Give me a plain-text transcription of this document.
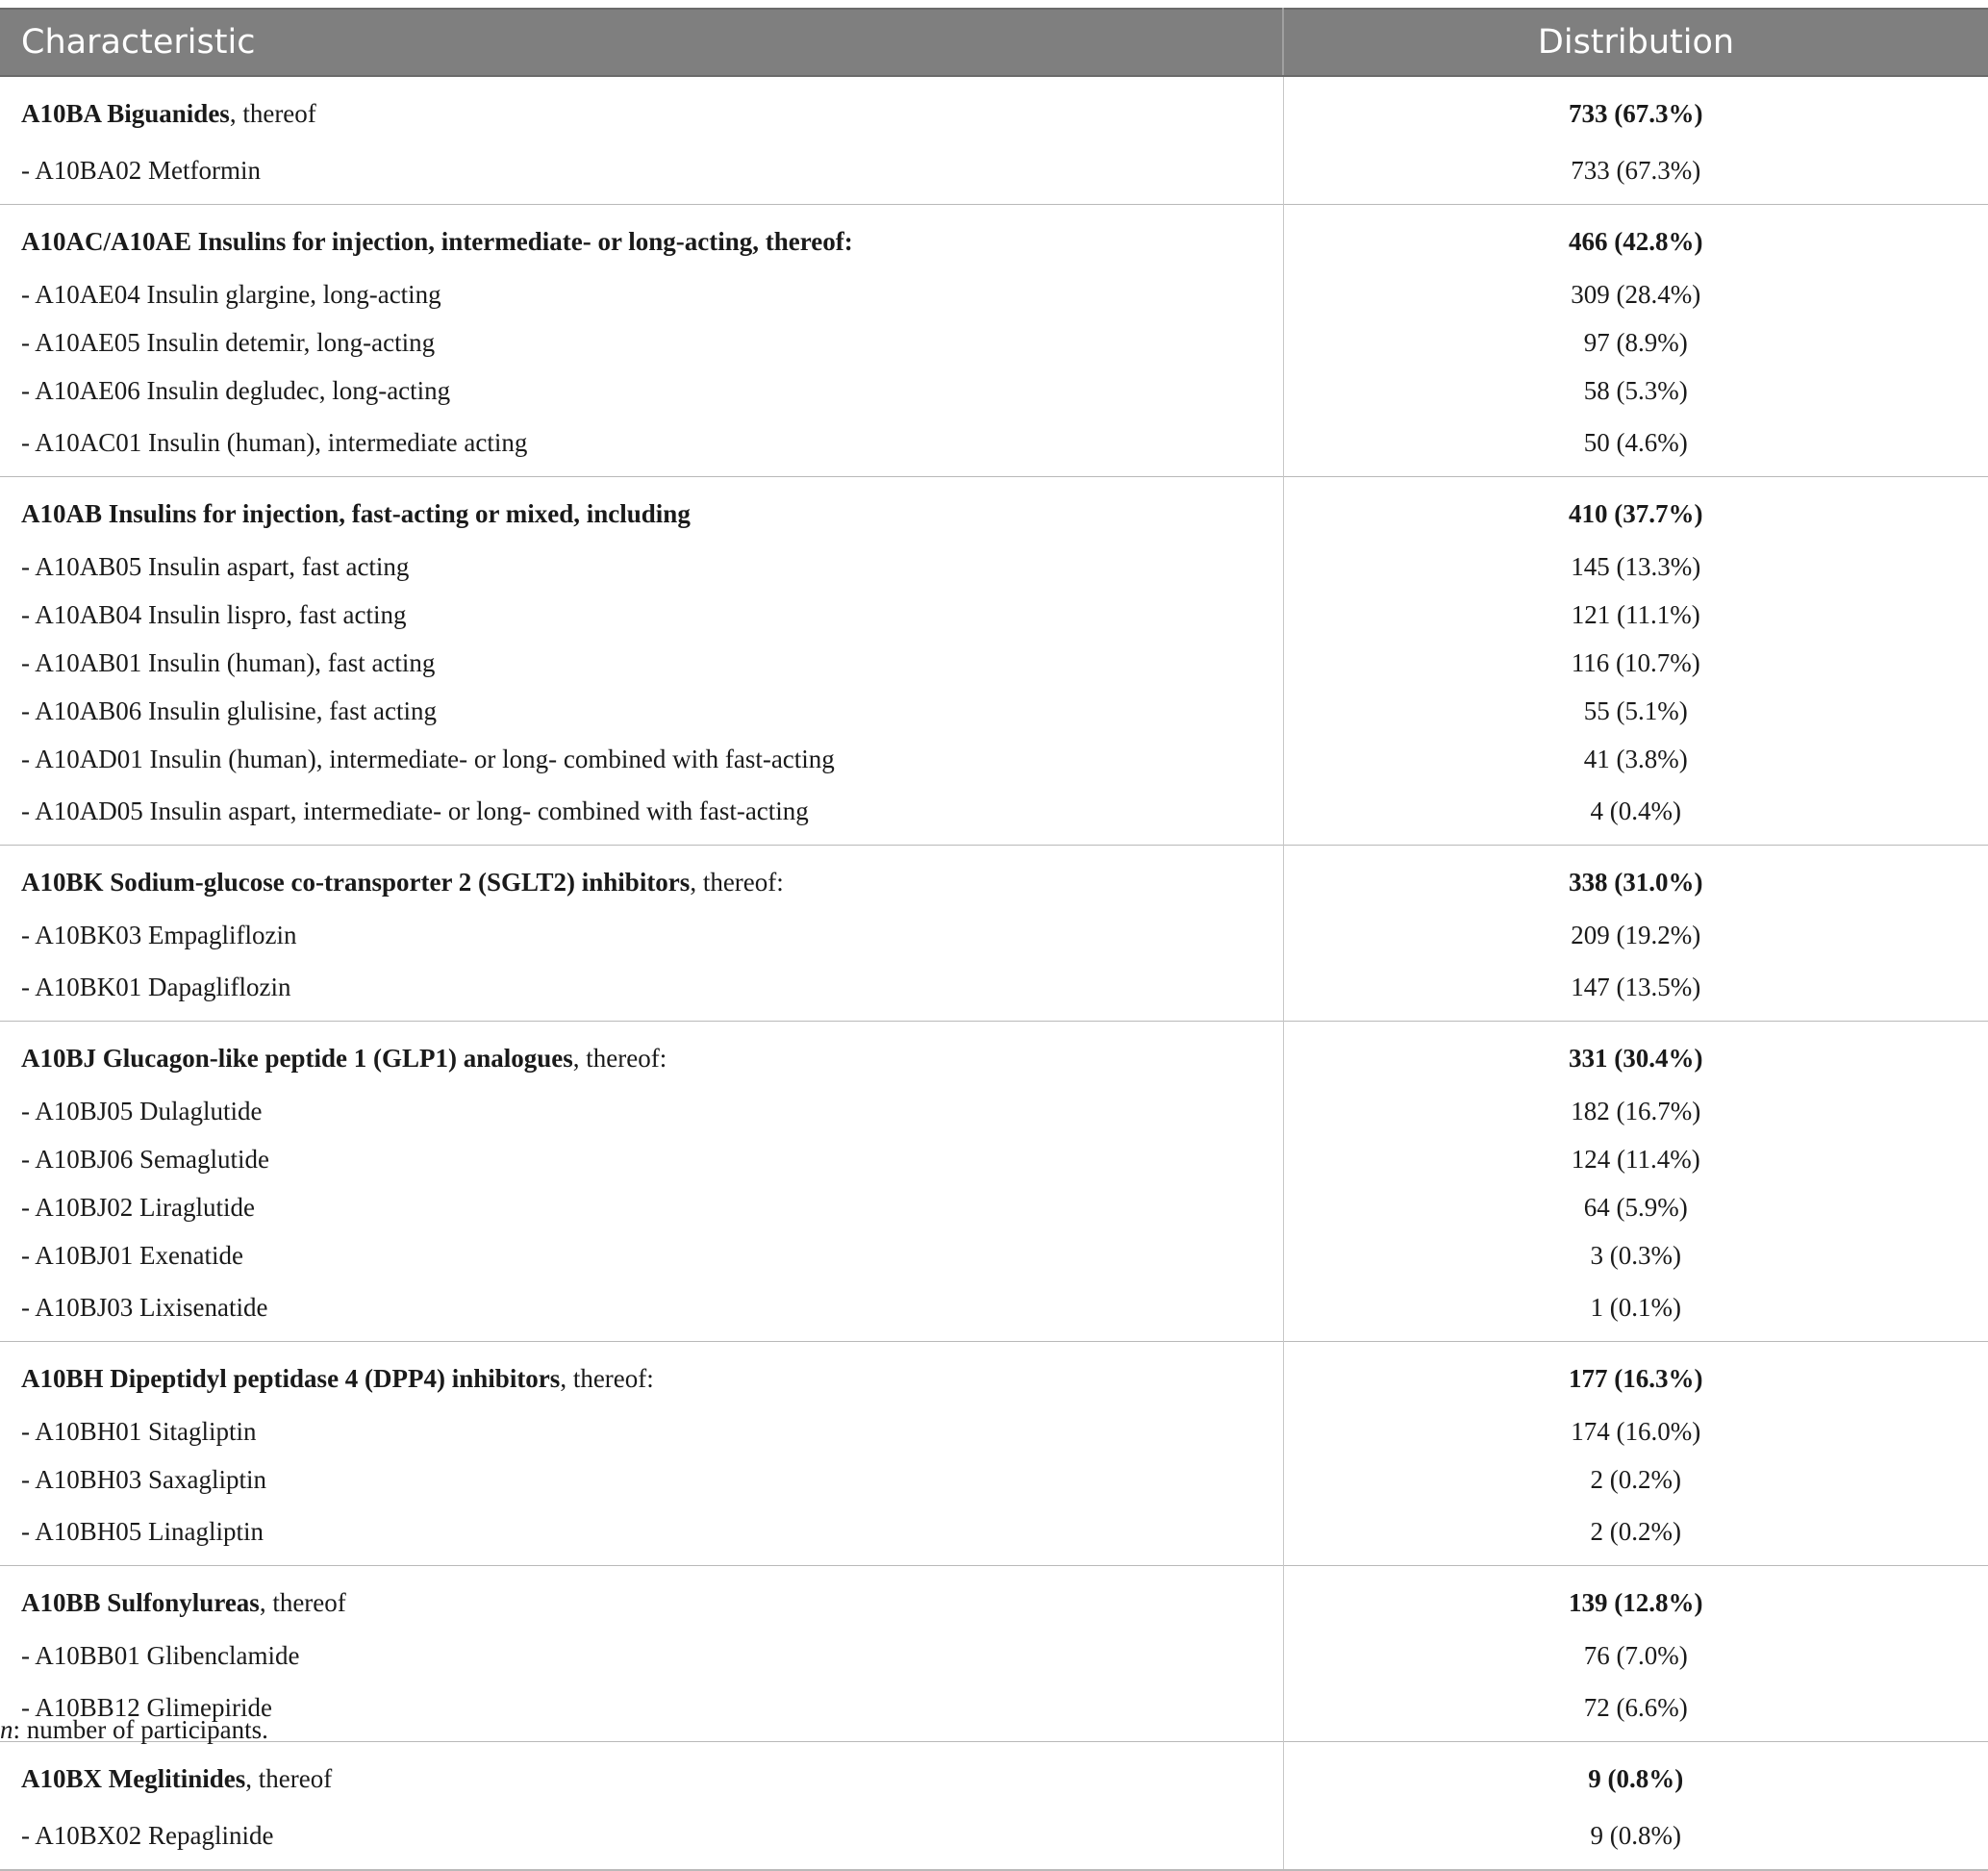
Characteristic	Distribution
A10BA Biguanides, thereof	733 (67.3%)
- A10BA02 Metformin	733 (67.3%)
A10AC/A10AE Insulins for injection, intermediate- or long-acting, thereof:	466 (42.8%)
- A10AE04 Insulin glargine, long-acting	309 (28.4%)
- A10AE05 Insulin detemir, long-acting	97 (8.9%)
- A10AE06 Insulin degludec, long-acting	58 (5.3%)
- A10AC01 Insulin (human), intermediate acting	50 (4.6%)
A10AB Insulins for injection, fast-acting or mixed, including	410 (37.7%)
- A10AB05 Insulin aspart, fast acting	145 (13.3%)
- A10AB04 Insulin lispro, fast acting	121 (11.1%)
- A10AB01 Insulin (human), fast acting	116 (10.7%)
- A10AB06 Insulin glulisine, fast acting	55 (5.1%)
- A10AD01 Insulin (human), intermediate- or long- combined with fast-acting	41 (3.8%)
- A10AD05 Insulin aspart, intermediate- or long- combined with fast-acting	4 (0.4%)
A10BK Sodium-glucose co-transporter 2 (SGLT2) inhibitors, thereof:	338 (31.0%)
- A10BK03 Empagliflozin	209 (19.2%)
- A10BK01 Dapagliflozin	147 (13.5%)
A10BJ Glucagon-like peptide 1 (GLP1) analogues, thereof:	331 (30.4%)
- A10BJ05 Dulaglutide	182 (16.7%)
- A10BJ06 Semaglutide	124 (11.4%)
- A10BJ02 Liraglutide	64 (5.9%)
- A10BJ01 Exenatide	3 (0.3%)
- A10BJ03 Lixisenatide	1 (0.1%)
A10BH Dipeptidyl peptidase 4 (DPP4) inhibitors, thereof:	177 (16.3%)
- A10BH01 Sitagliptin	174 (16.0%)
- A10BH03 Saxagliptin	2 (0.2%)
- A10BH05 Linagliptin	2 (0.2%)
A10BB Sulfonylureas, thereof	139 (12.8%)
- A10BB01 Glibenclamide	76 (7.0%)
- A10BB12 Glimepiride	72 (6.6%)
A10BX Meglitinides, thereof	9 (0.8%)
- A10BX02 Repaglinide	9 (0.8%)
n: number of participants.
